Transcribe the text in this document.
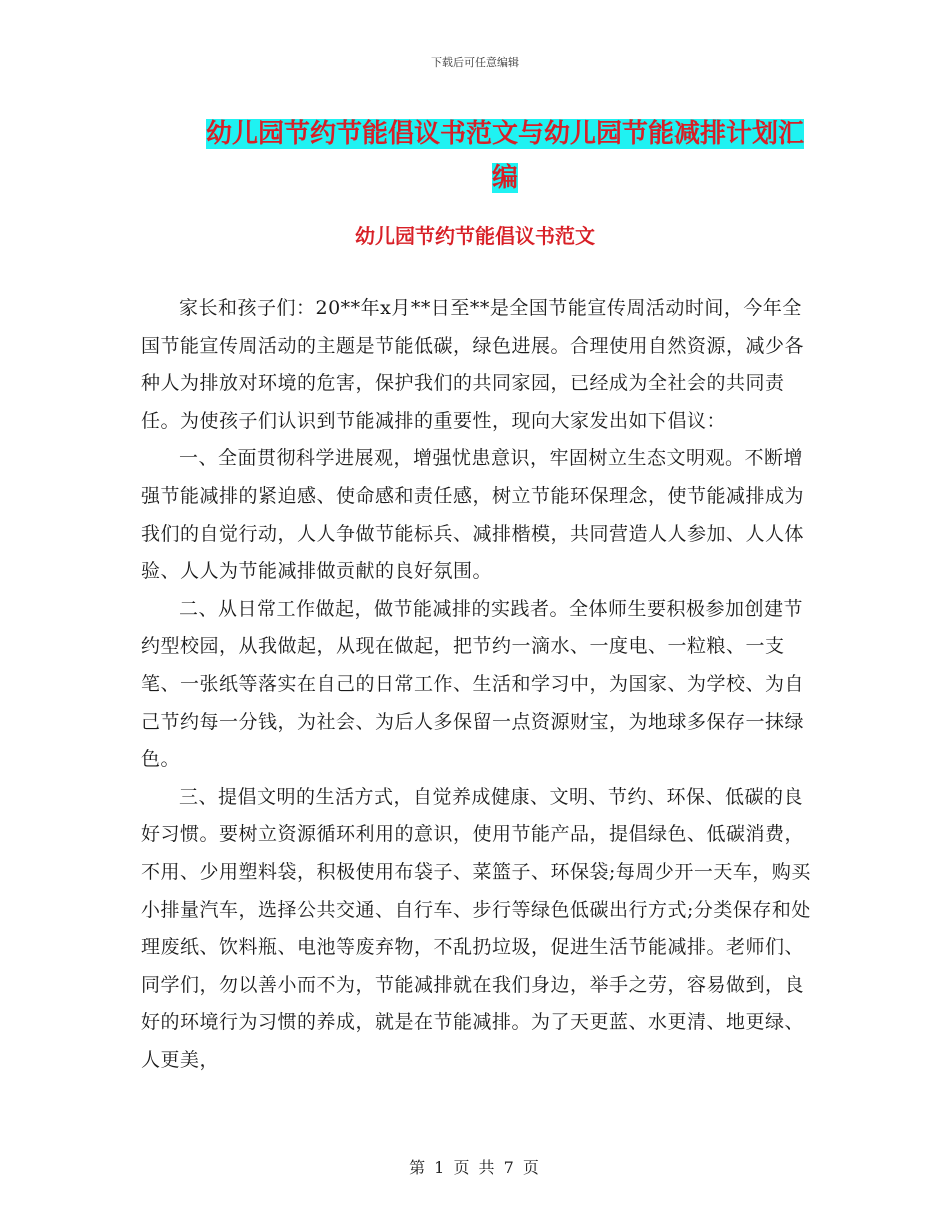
下载后可任意编辑
幼儿园节约节能倡议书范文与幼儿园节能减排计划汇编
幼儿园节约节能倡议书范文

家长和孩子们：20**年x月**日至**是全国节能宣传周活动时间，今年全国节能宣传周活动的主题是节能低碳，绿色进展。合理使用自然资源，减少各种人为排放对环境的危害，保护我们的共同家园，已经成为全社会的共同责任。为使孩子们认识到节能减排的重要性，现向大家发出如下倡议：

一、全面贯彻科学进展观，增强忧患意识，牢固树立生态文明观。不断增强节能减排的紧迫感、使命感和责任感，树立节能环保理念，使节能减排成为我们的自觉行动，人人争做节能标兵、减排楷模，共同营造人人参加、人人体验、人人为节能减排做贡献的良好氛围。

二、从日常工作做起，做节能减排的实践者。全体师生要积极参加创建节约型校园，从我做起，从现在做起，把节约一滴水、一度电、一粒粮、一支笔、一张纸等落实在自己的日常工作、生活和学习中，为国家、为学校、为自己节约每一分钱，为社会、为后人多保留一点资源财宝，为地球多保存一抹绿色。

三、提倡文明的生活方式，自觉养成健康、文明、节约、环保、低碳的良好习惯。要树立资源循环利用的意识，使用节能产品，提倡绿色、低碳消费，不用、少用塑料袋，积极使用布袋子、菜篮子、环保袋;每周少开一天车，购买小排量汽车，选择公共交通、自行车、步行等绿色低碳出行方式;分类保存和处理废纸、饮料瓶、电池等废弃物，不乱扔垃圾，促进生活节能减排。老师们、同学们，勿以善小而不为，节能减排就在我们身边，举手之劳，容易做到，良好的环境行为习惯的养成，就是在节能减排。为了天更蓝、水更清、地更绿、人更美，

第 1 页 共 7 页
